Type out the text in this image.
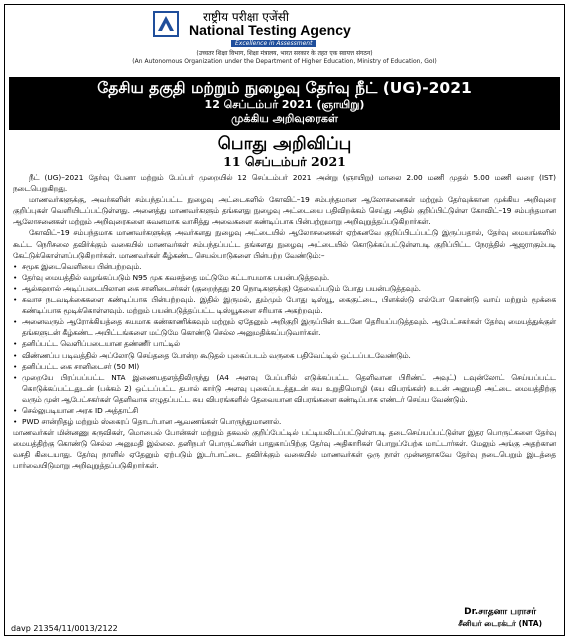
राष्ट्रीय परीक्षा एजेंसी
National Testing Agency
Excellence in Assessment
(उच्चतर शिक्षा विभाग, शिक्षा मंत्रालय, भारत सरकार के तहत एक स्वायत्त संगठन)
(An Autonomous Organization under the Department of Higher Education, Ministry of Education, GoI)
தேசிய தகுதி மற்றும் நுழைவு தேர்வு நீட் (UG)-2021
12 செப்டம்பர் 2021 (ஞாயிறு)
முக்கிய அறிவுரைகள்
பொது அறிவிப்பு
11 செப்டம்பர் 2021

நீட் (UG)–2021 தேர்வு பேனா மற்றும் பேப்பர் முறையில் 12 செப்டம்பர் 2021 அன்று (ஞாயிறு) மாலை 2.00 மணி முதல் 5.00 மணி வரை (IST) நடைபெறுகிறது.

மாணவர்களுக்கு, அவர்களின் சம்பந்தப்பட்ட நுழைவு அட்டைகளில் கோவிட்–19 சம்பந்தமான ஆலோசனைகள் மற்றும் தேர்வுக்கான முக்கிய அறிவுரை குறிப்புகள் வெளியிடப்பட்டுள்ளது. அனைத்து மாணவர்களும் தங்களது நுழைவு அட்டையை பதிவிறக்கம் செய்து அதில் குறிப்பிட்டுள்ள கோவிட்–19 சம்பந்தமான ஆலோசனைகள் மற்றும் அறிவுரைகளை கவனமாக வாசித்து அவைகளை கண்டிப்பாக பின்பற்றுமாறு அறிவுறுத்தப்படுகிறார்கள்.

கோவிட்–19 சம்பந்தமாக மாணவர்களுக்கு அவர்களது நுழைவு அட்டையில் ஆலோசனைகள் ஏற்கனவே குறிப்பிடப்பட்டு இருப்பதால், தேர்வு மையங்களில் கூட்ட நெரிசலை தவிர்க்கும் வகையில் மாணவர்கள் சம்பந்தப்பட்ட தங்களது நுழைவு அட்டையில் கொடுக்கப்பட்டுள்ளபடி குறிப்பிட்ட நேரத்தில் ஆஜராகும்படி கேட்டுக்கொள்ளப்படுகிறார்கள். மாணவர்கள் கீழ்கண்ட செயல்பாடுகளை பின்பற்ற வேண்டும்:–

• சமூக இடைவெளியை பின்பற்றவும்.

• தேர்வு மையத்தில் வழங்கப்படும் N95 முக கவசத்தை மட்டுமே கட்டாயமாக பயன்படுத்தவும்.

• ஆல்கஹால் அடிப்படையிலான கை சானிடைசர்கள் (குறைந்தது 20 நொடிகளுக்கு) தேவைப்படும் போது பயன்படுத்தவும்.

• சுவாச நடவடிக்கைகளை கண்டிப்பாக பின்பற்றவும். இதில் இருமல், தும்மும் போது டிஸ்யூ, கைகுட்டை, பிளக்ஸ்டு எல்போ கொண்டு வாய் மற்றும் மூக்கை கண்டிப்பாக மூடிக்கொள்ளவும். மற்றும் பயன்படுத்தப்பட்ட டிஸ்யூகளை சரியாக அகற்றவும்.

• அனைவரும் ஆரோக்கியத்தை சுயமாக கண்காணிக்கவும் மற்றும் ஏதேனும் அறிகுறி இருப்பின் உடனே தெரியப்படுத்தவும். ஆபேட்சகர்கள் தேர்வு மையத்துக்குள் தங்களுடன் கீழ்கண்ட அயிட்டங்களை மட்டுமே கொண்டு செல்ல அனுமதிக்கப்படுவார்கள்.

• தனிப்பட்ட வெளிப்படையான தண்ணீர் பாட்டில்

• விண்ணப்ப படிவத்தில் அப்லோடு செய்ததை போன்ற கூடுதல் புகைப்படம் வருகை பதிவேட்டில் ஒட்டப்படவேண்டும்.

• தனிப்பட்ட கை சானிடைசர் (50 Ml)

• முறையே பிரப்பப்பட்ட NTA இணையதளத்திலிருந்து (A4 அளவு பேப்பரில் எடுக்கப்பட்ட தெளிவான பிரிண்ட் அவுட்) டவுன்லோட் செய்யப்பட்ட கொடுக்கப்பட்டதுடன் (பக்கம் 2) ஒட்டப்பட்ட தபால் கார்டு அளவு புகைப்படத்துடன் சுய உறுதிமொழி (சுய விபரங்கள்) உடன் அனுமதி அட்டை மையத்திற்கு வரும் முன் ஆபேட்சகர்கள் தெளிவாக எழுதப்பட்ட சுய விபரங்களில் தேவையான விபரங்களை கண்டிப்பாக எண்டர் செய்ய வேண்டும்.

• செல்லுபடியான அரசு ID அத்தாட்சி

• PWD சான்றிதழ் மற்றும் ஸ்கைரப் தொடர்பான ஆவணங்கள் பொருந்துமானால்.

மாணவர்கள் மின்னணு கருவிகள், மொபைல் போன்கள் மற்றும் தகவல் குறிப்பேட்டில் பட்டியலிடப்பட்டுள்ளபடி தடைசெய்யப்பட்டுள்ள இதர பொருட்களை தேர்வு மையத்திற்கு கொண்டு செல்ல அனுமதி இல்லை. தனிநபர் பொருட்களின் பாதுகாப்பிற்கு தேர்வு அதிகாரிகள் பொறுப்பேற்க மாட்டார்கள். மேலும் அங்கு அதற்கான வசதி கிடையாது. தேர்வு நாளில் ஏதேனும் ஏற்படும் இடர்பாட்டை தவிர்க்கும் வகையில் மாணவர்கள் ஒரு நாள் முன்னதாகவே தேர்வு நடைபெறும் இடத்தை பார்வையிடுமாறு அறிவுறுத்தப்படுகிறார்கள்.

Dr.சாதனா பராசர்
சீனியர் டைரக்டர் (NTA)
davp 21354/11/0013/2122
